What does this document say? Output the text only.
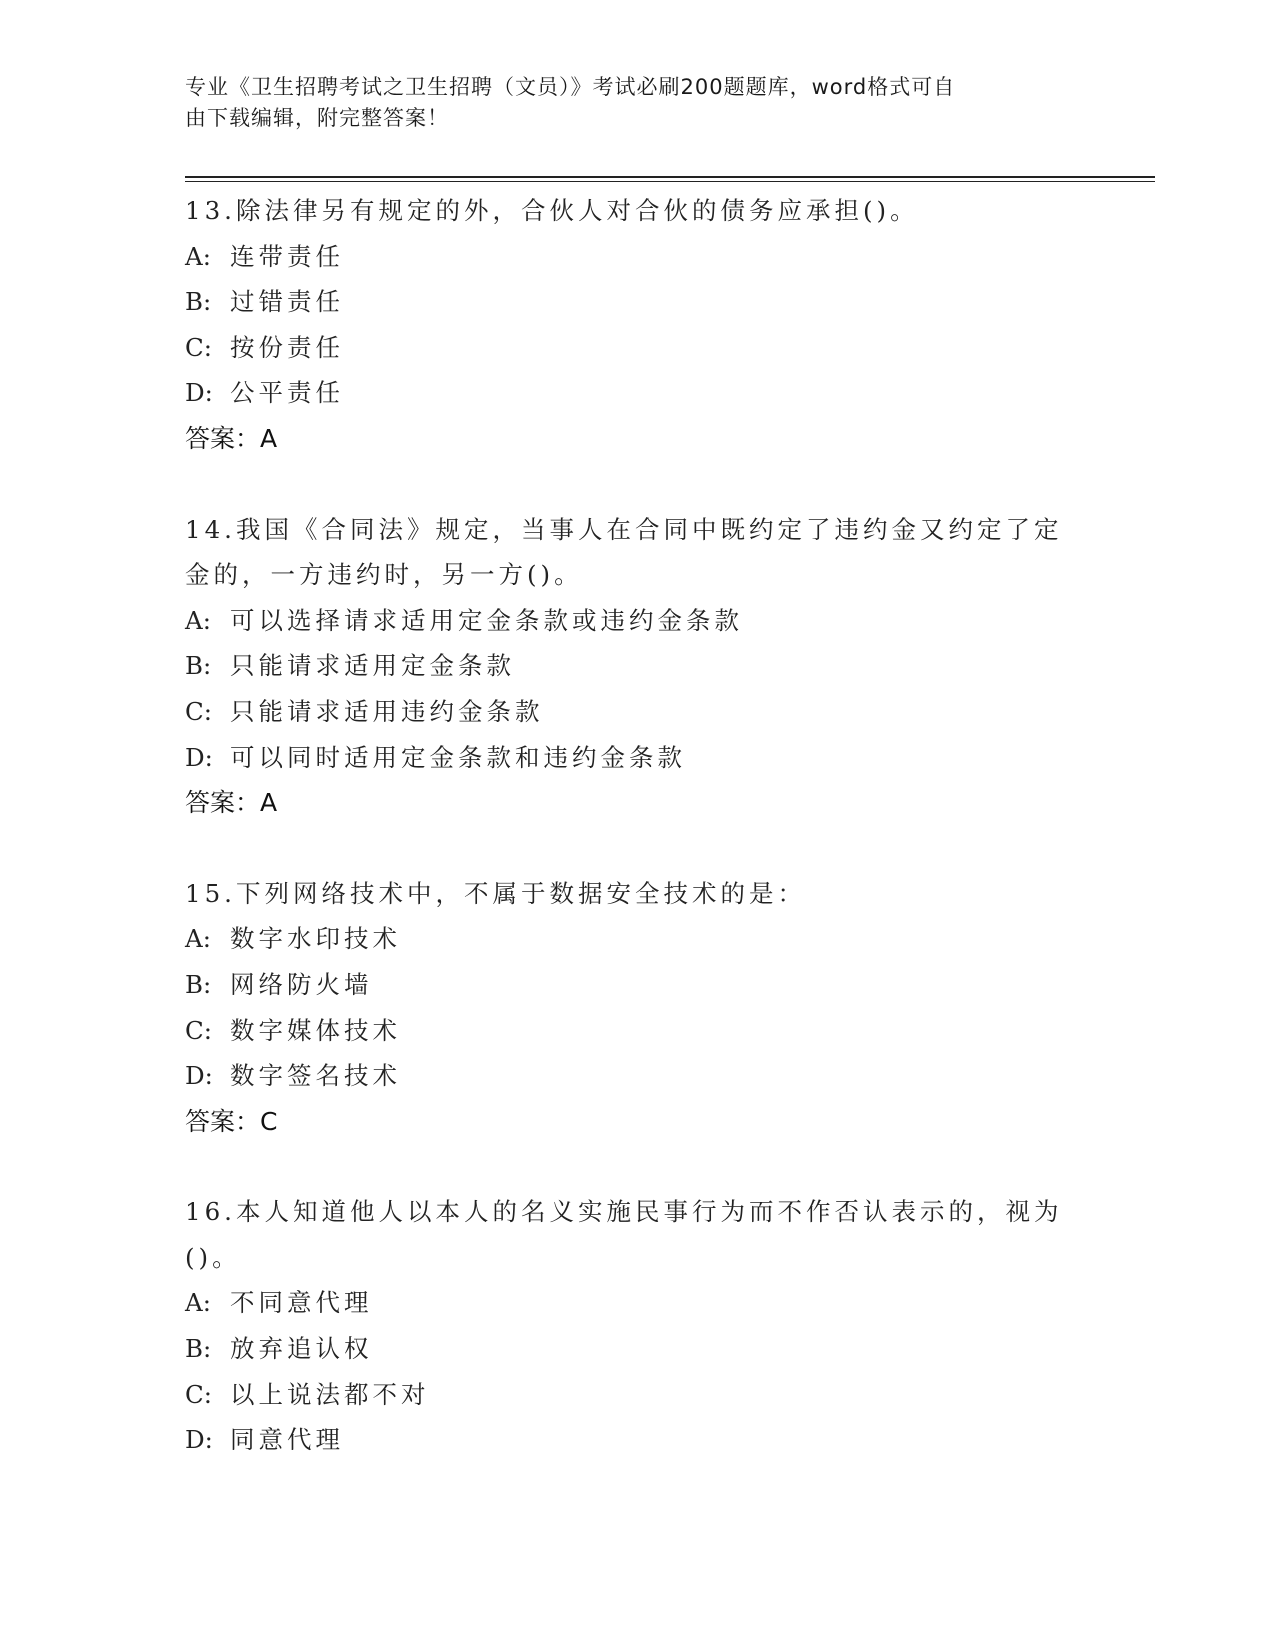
专业《卫生招聘考试之卫生招聘（文员）》考试必刷200题题库，word格式可自
由下载编辑，附完整答案！
13.除法律另有规定的外，合伙人对合伙的债务应承担()。
A: 连带责任
B: 过错责任
C: 按份责任
D: 公平责任
答案：A
14.我国《合同法》规定，当事人在合同中既约定了违约金又约定了定
金的，一方违约时，另一方()。
A: 可以选择请求适用定金条款或违约金条款
B: 只能请求适用定金条款
C: 只能请求适用违约金条款
D: 可以同时适用定金条款和违约金条款
答案：A
15.下列网络技术中，不属于数据安全技术的是：
A: 数字水印技术
B: 网络防火墙
C: 数字媒体技术
D: 数字签名技术
答案：C
16.本人知道他人以本人的名义实施民事行为而不作否认表示的，视为
()。
A: 不同意代理
B: 放弃追认权
C: 以上说法都不对
D: 同意代理
